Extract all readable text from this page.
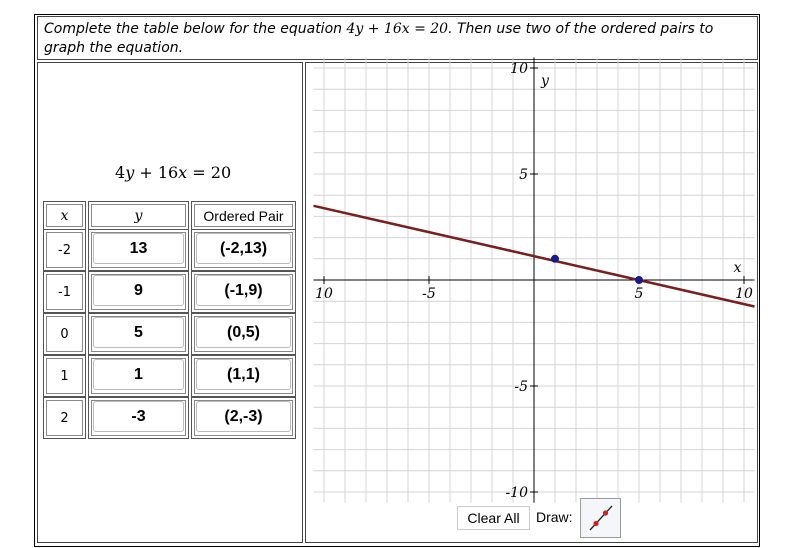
Complete the table below for the equation 4y + 16x = 20. Then use two of the ordered pairs to graph the equation.
4y + 16x = 20
x	y	Ordered Pair
-2	13	(-2,13)
-1	9	(-1,9)
0	5	(0,5)
1	1	(1,1)
2	-3	(2,-3)
10	-5	5	10
10
5
-5
-10
x
y
Clear All	Draw:
